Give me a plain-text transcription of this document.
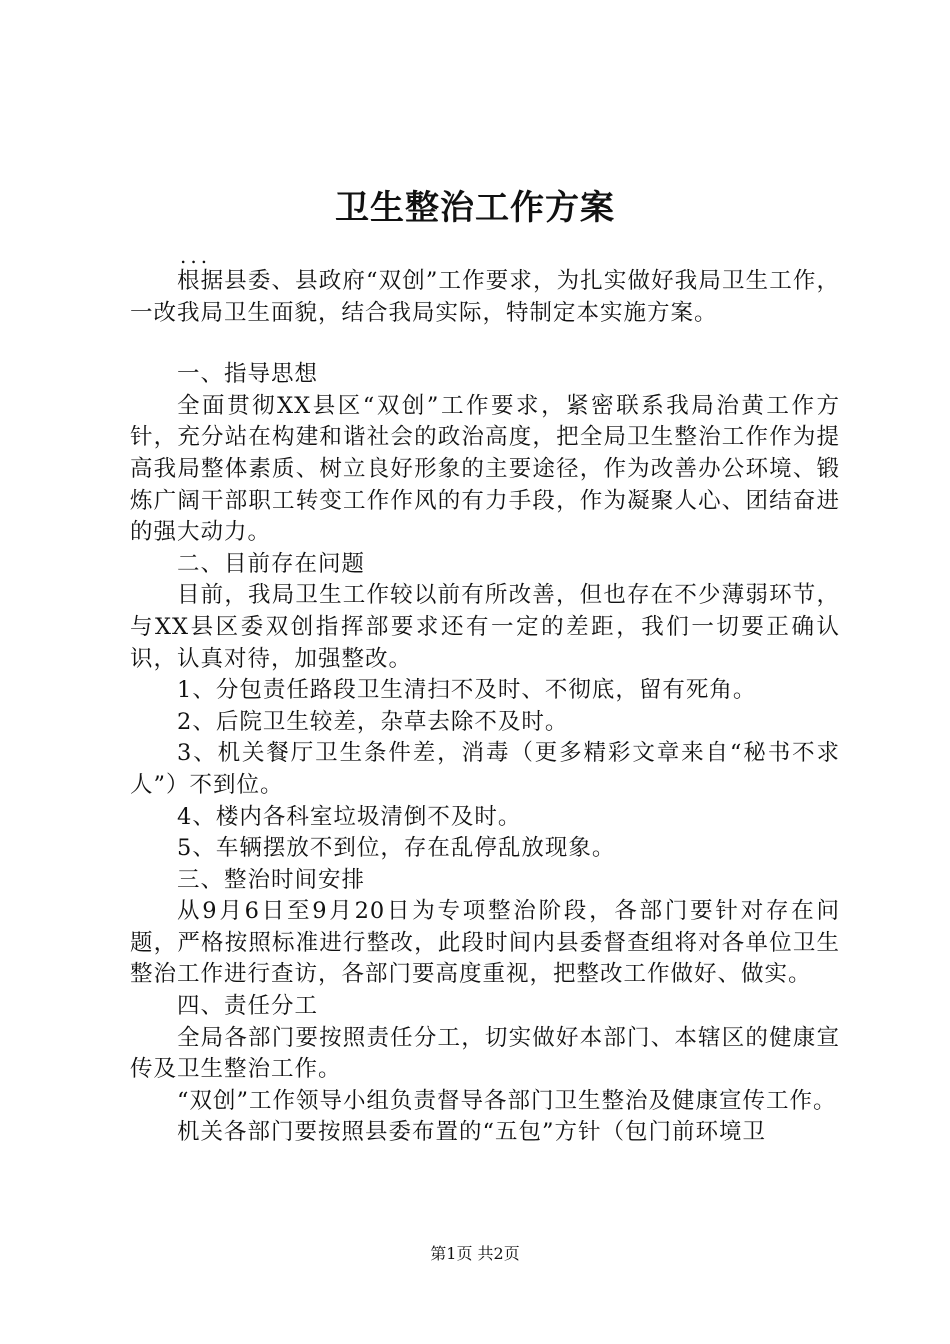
卫生整治工作方案
...

根据县委、县政府“双创”工作要求，为扎实做好我局卫生工作，一改我局卫生面貌，结合我局实际，特制定本实施方案。

一、指导思想

全面贯彻XX县区“双创”工作要求，紧密联系我局治黄工作方针，充分站在构建和谐社会的政治高度，把全局卫生整治工作作为提高我局整体素质、树立良好形象的主要途径，作为改善办公环境、锻炼广阔干部职工转变工作作风的有力手段，作为凝聚人心、团结奋进的强大动力。

二、目前存在问题

目前，我局卫生工作较以前有所改善，但也存在不少薄弱环节，与XX县区委双创指挥部要求还有一定的差距，我们一切要正确认识，认真对待，加强整改。

1、分包责任路段卫生清扫不及时、不彻底，留有死角。

2、后院卫生较差，杂草去除不及时。

3、机关餐厅卫生条件差，消毒（更多精彩文章来自“秘书不求人”）不到位。

4、楼内各科室垃圾清倒不及时。

5、车辆摆放不到位，存在乱停乱放现象。

三、整治时间安排

从9月6日至9月20日为专项整治阶段，各部门要针对存在问题，严格按照标准进行整改，此段时间内县委督查组将对各单位卫生整治工作进行查访，各部门要高度重视，把整改工作做好、做实。

四、责任分工

全局各部门要按照责任分工，切实做好本部门、本辖区的健康宣传及卫生整治工作。

“双创”工作领导小组负责督导各部门卫生整治及健康宣传工作。

机关各部门要按照县委布置的“五包”方针（包门前环境卫

第1页 共2页
